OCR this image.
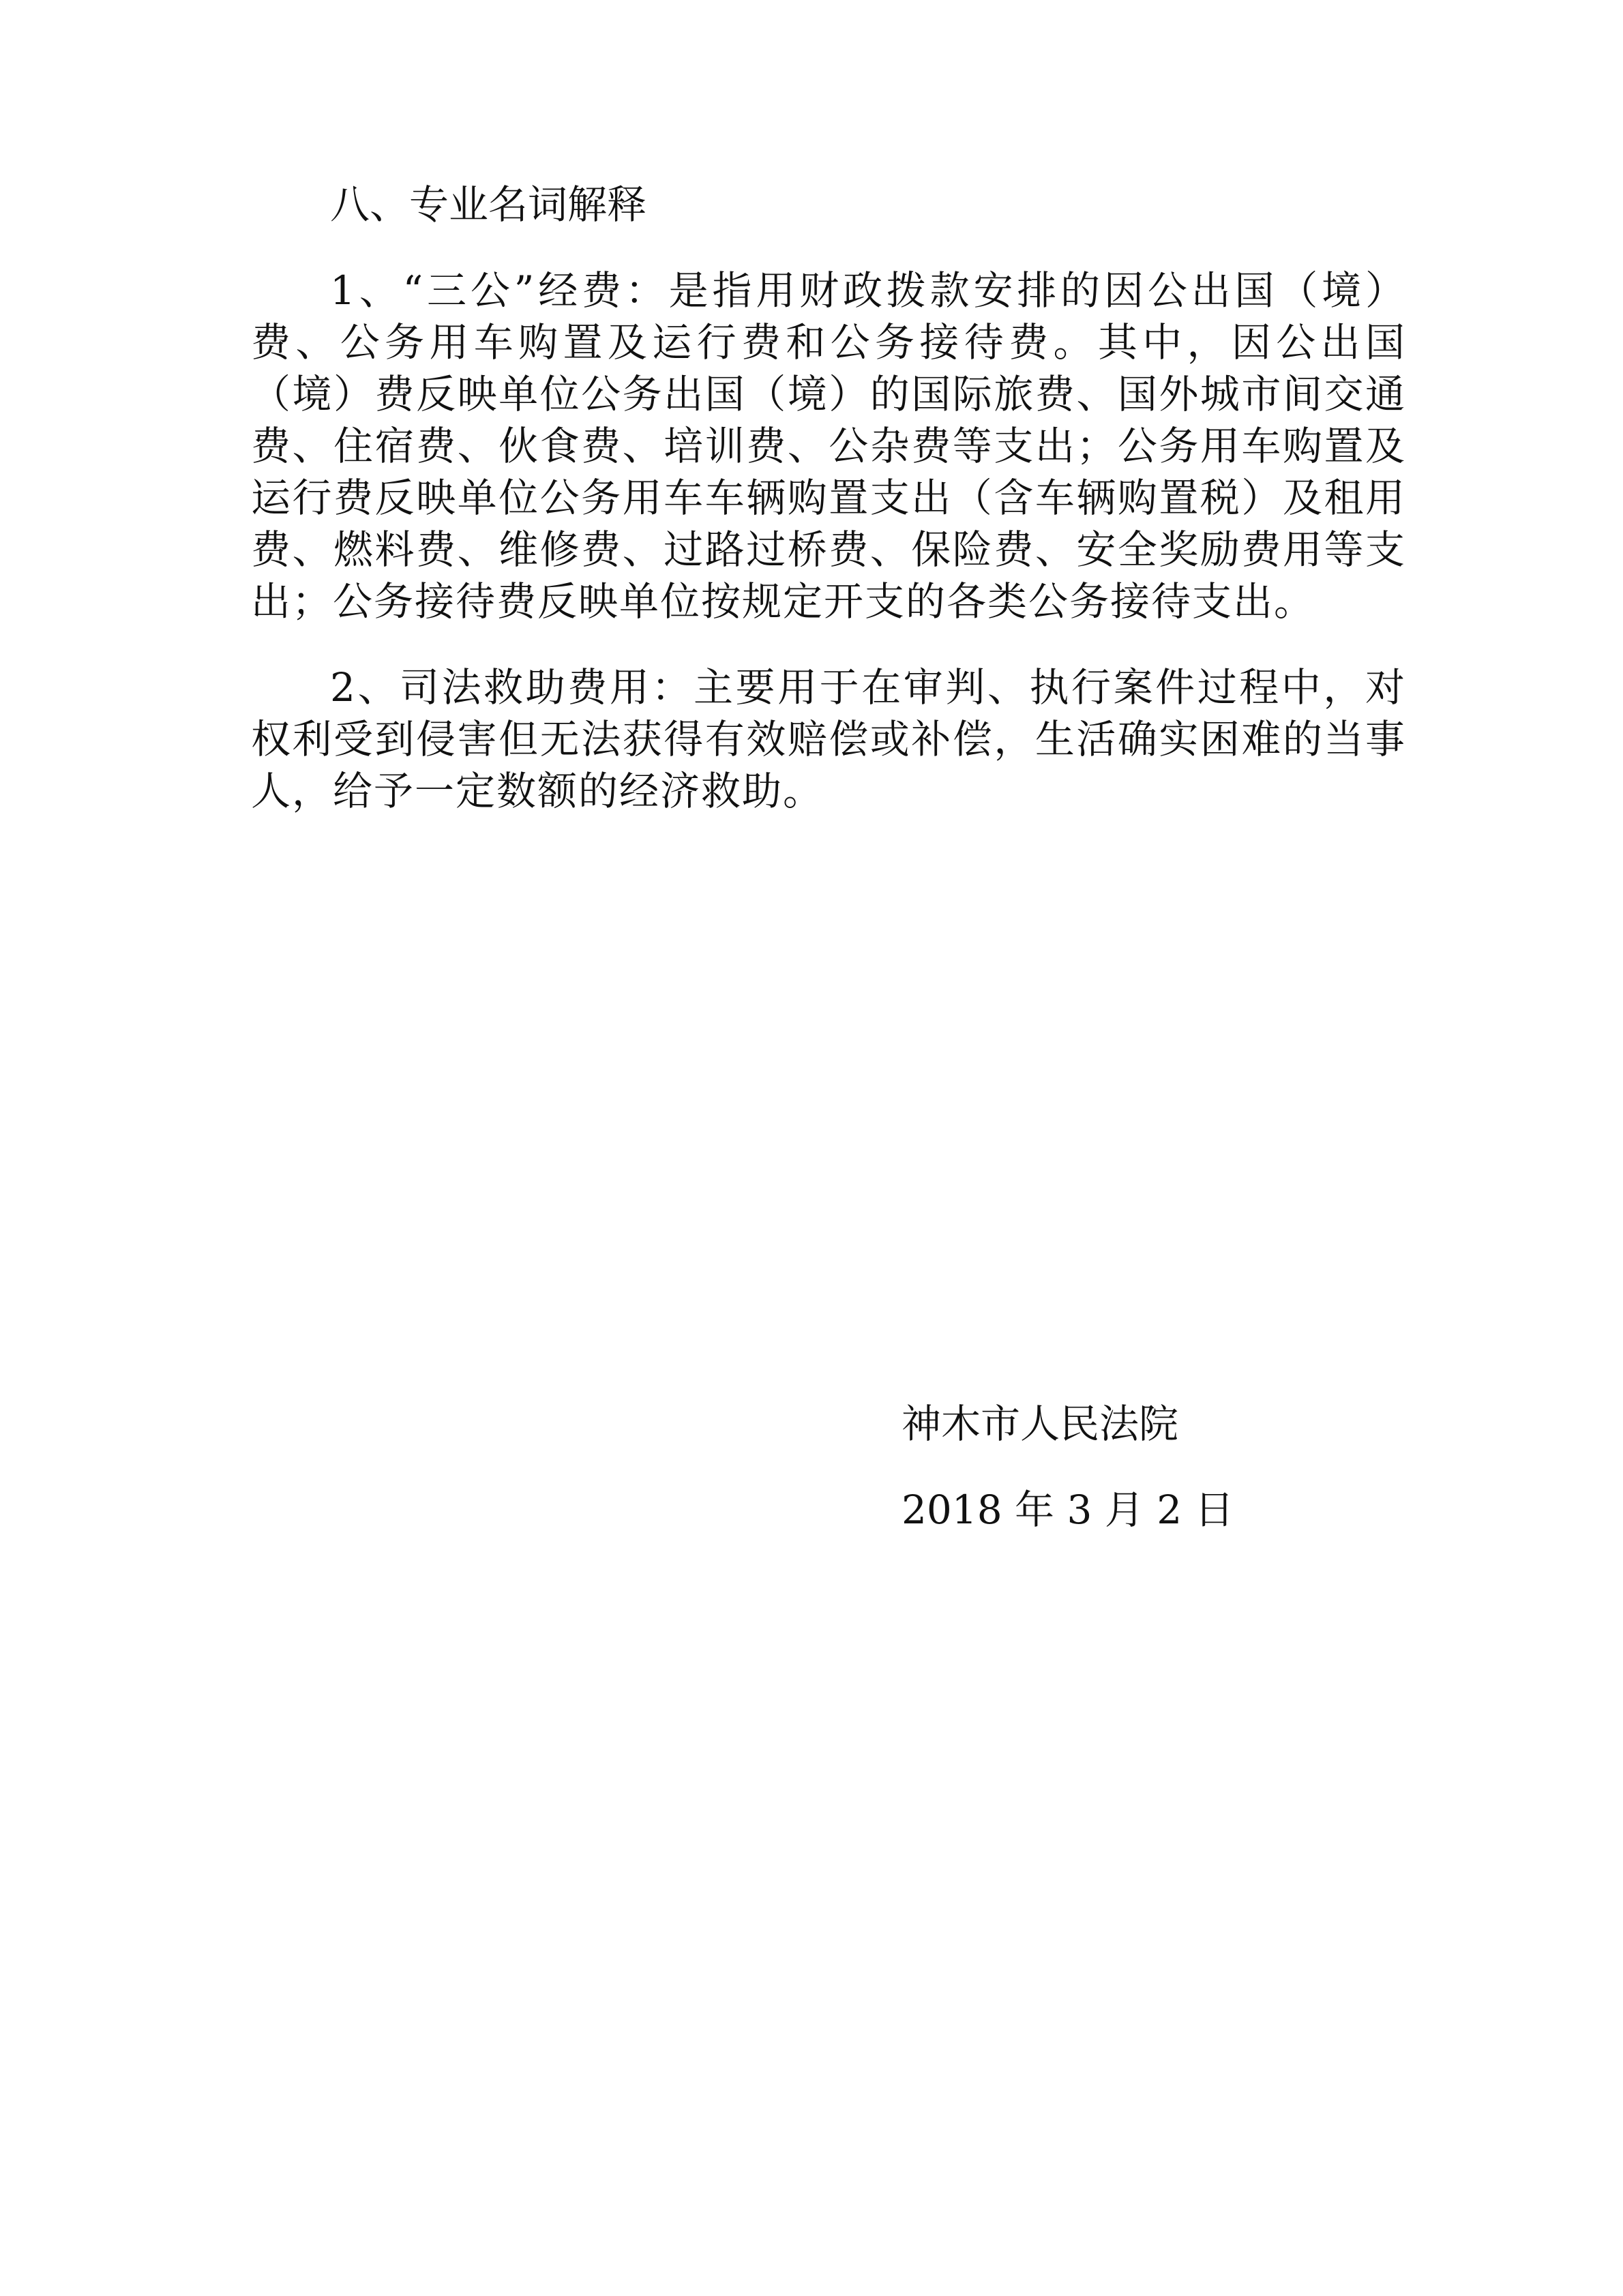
八、专业名词解释

1、“三公”经费：是指用财政拨款安排的因公出国（境）费、公务用车购置及运行费和公务接待费。其中，因公出国（境）费反映单位公务出国（境）的国际旅费、国外城市间交通费、住宿费、伙食费、培训费、公杂费等支出；公务用车购置及运行费反映单位公务用车车辆购置支出（含车辆购置税）及租用费、燃料费、维修费、过路过桥费、保险费、安全奖励费用等支出；公务接待费反映单位按规定开支的各类公务接待支出。

2、司法救助费用：主要用于在审判、执行案件过程中，对权利受到侵害但无法获得有效赔偿或补偿，生活确实困难的当事人，给予一定数额的经济救助。

神木市人民法院
2018 年 3 月 2 日
